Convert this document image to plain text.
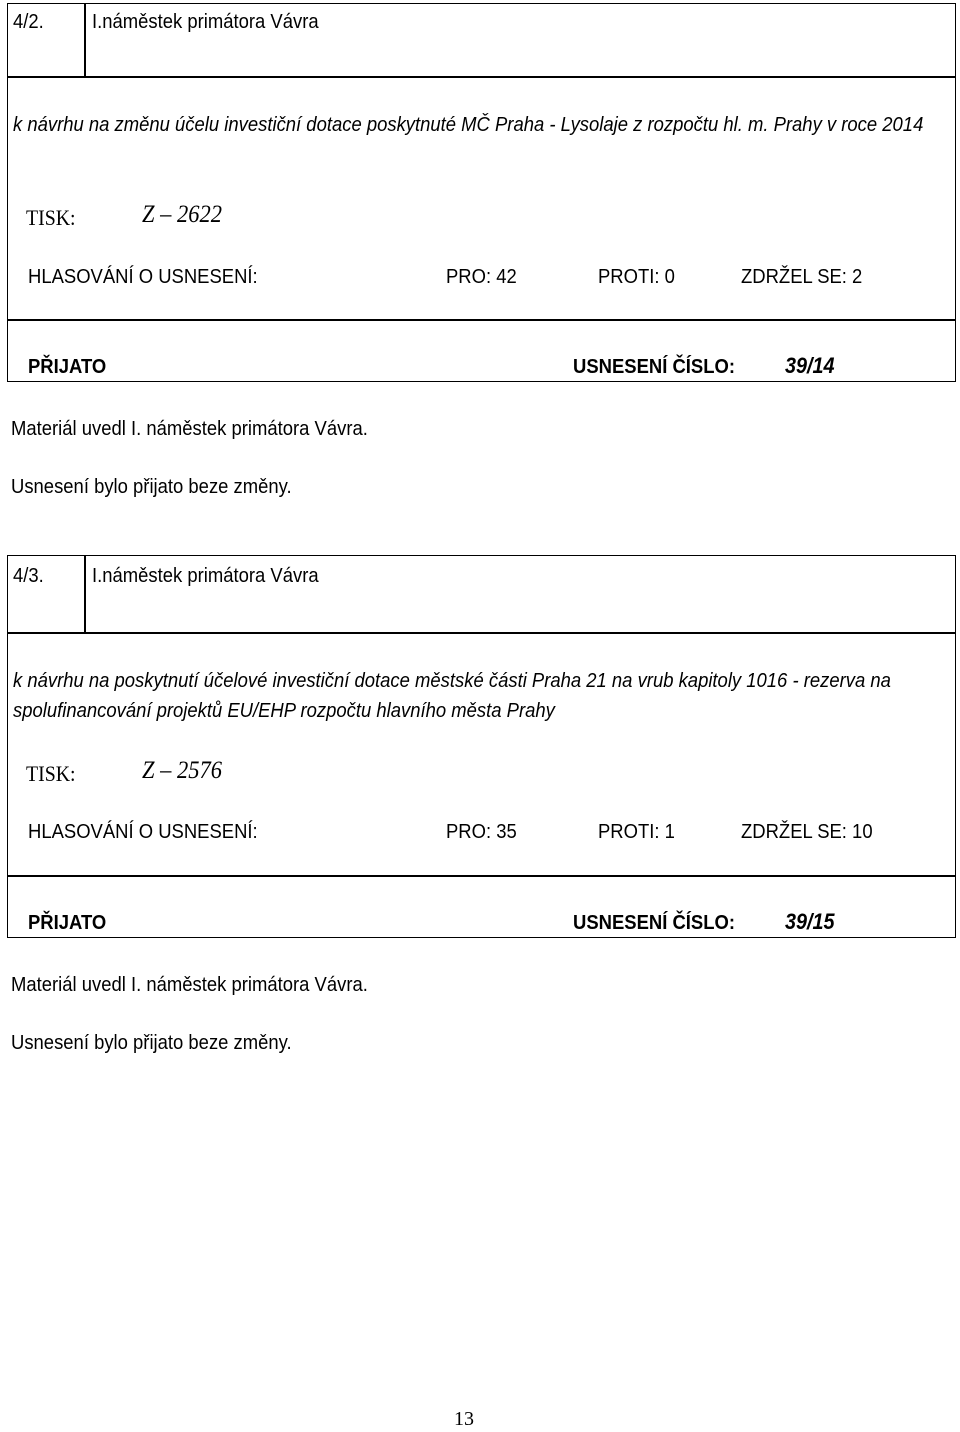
4/2. I.náměstek primátora Vávra
k návrhu na změnu účelu investiční dotace poskytnuté MČ Praha - Lysolaje z rozpočtu hl. m. Prahy v roce 2014
TISK:	Z – 2622
HLASOVÁNÍ O USNESENÍ:	PRO: 42	PROTI: 0	ZDRŽEL SE: 2
PŘIJATO	USNESENÍ ČÍSLO: 39/14
Materiál uvedl I. náměstek primátora Vávra.
Usnesení bylo přijato beze změny.
4/3. I.náměstek primátora Vávra
k návrhu na poskytnutí účelové investiční dotace městské části Praha 21 na vrub kapitoly 1016 - rezerva na spolufinancování projektů EU/EHP rozpočtu hlavního města Prahy
TISK:	Z – 2576
HLASOVÁNÍ O USNESENÍ:	PRO: 35	PROTI: 1	ZDRŽEL SE: 10
PŘIJATO	USNESENÍ ČÍSLO: 39/15
Materiál uvedl I. náměstek primátora Vávra.
Usnesení bylo přijato beze změny.
13
